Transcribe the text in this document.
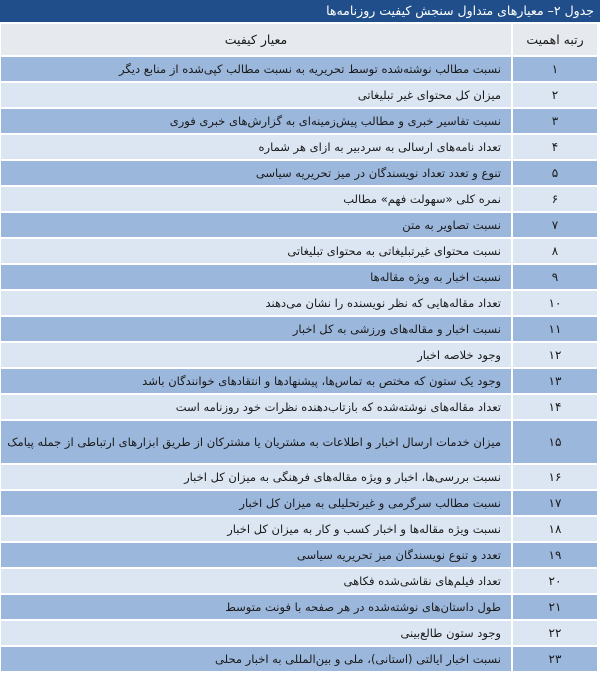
جدول ۲– معیارهای متداول سنجش کیفیت روزنامه‌ها
رتبه اهمیت	معیار کیفیت
۱	نسبت مطالب نوشته‌شده توسط تحریریه به نسبت مطالب کپی‌شده از منابع دیگر
۲	میزان کل محتوای غیر تبلیغاتی
۳	نسبت تفاسیر خبری و مطالب پیش‌زمینه‌ای به گزارش‌های خبری فوری
۴	تعداد نامه‌های ارسالی به سردبیر به ازای هر شماره
۵	تنوع و تعدد تعداد نویسندگان در میز تحریریه سیاسی
۶	نمره کلی «سهولت فهم» مطالب
۷	نسبت تصاویر به متن
۸	نسبت محتوای غیرتبلیغاتی به محتوای تبلیغاتی
۹	نسبت اخبار به ویژه مقاله‌ها
۱۰	تعداد مقاله‌هایی که نظر نویسنده را نشان می‌دهند
۱۱	نسبت اخبار و مقاله‌های ورزشی به کل اخبار
۱۲	وجود خلاصه اخبار
۱۳	وجود یک ستون که مختص به تماس‌ها، پیشنهادها و انتقادهای خوانندگان باشد
۱۴	تعداد مقاله‌های نوشته‌شده که بازتاب‌دهنده نظرات خود روزنامه است
۱۵	میزان خدمات ارسال اخبار و اطلاعات به مشتریان یا مشترکان از طریق ابزارهای ارتباطی از جمله پیامک
۱۶	نسبت بررسی‌ها، اخبار و ویژه مقاله‌های فرهنگی به میزان کل اخبار
۱۷	نسبت مطالب سرگرمی و غیرتحلیلی به میزان کل اخبار
۱۸	نسبت ویژه مقاله‌ها و اخبار کسب و کار به میزان کل اخبار
۱۹	تعدد و تنوع نویسندگان میز تحریریه سیاسی
۲۰	تعداد فیلم‌های نقاشی‌شده فکاهی
۲۱	طول داستان‌های نوشته‌شده در هر صفحه با فونت متوسط
۲۲	وجود ستون طالع‌بینی
۲۳	نسبت اخبار ایالتی (استانی)، ملی و بین‌المللی به اخبار محلی
